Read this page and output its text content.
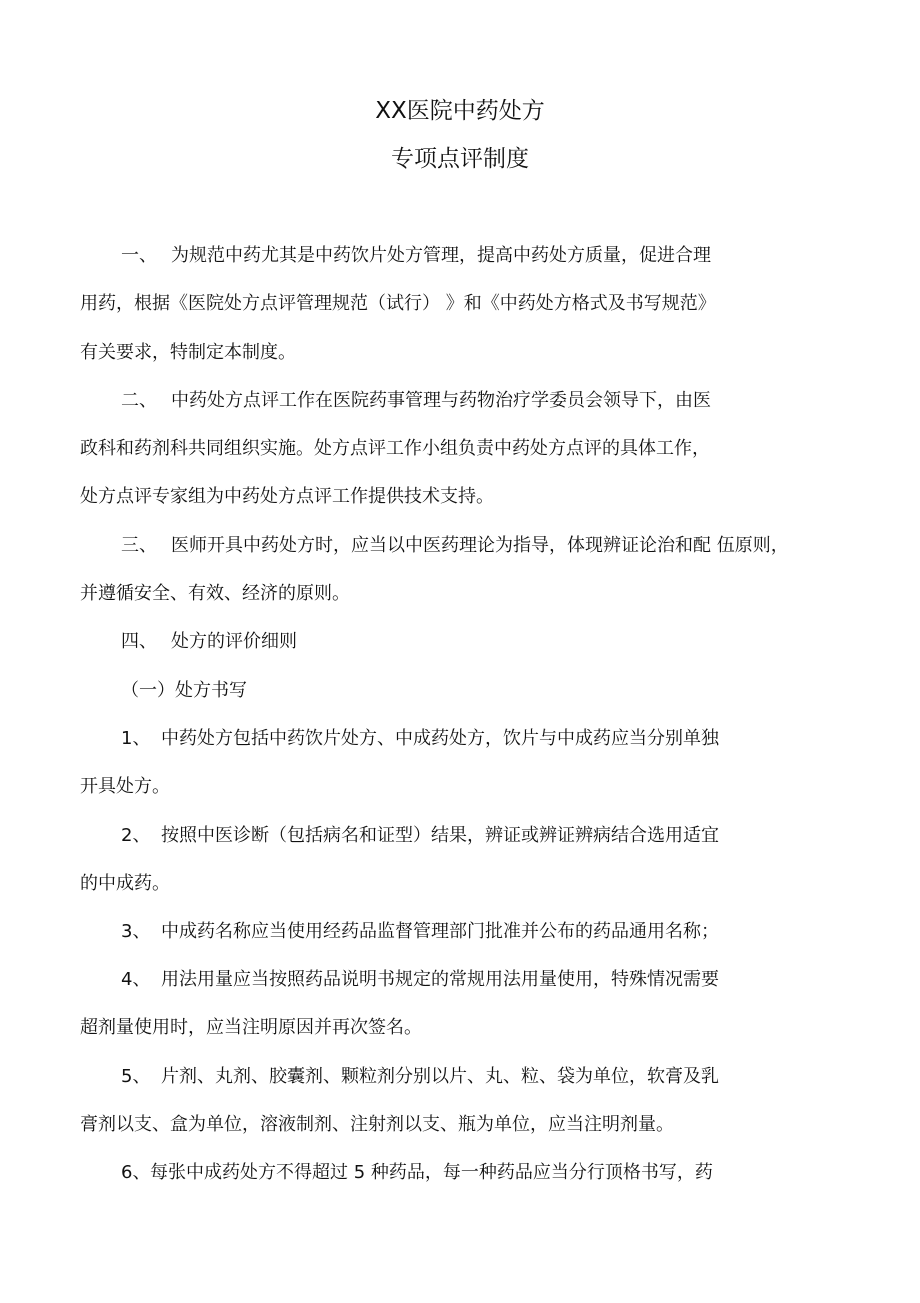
XX医院中药处方
专项点评制度
一、 为规范中药尤其是中药饮片处方管理，提高中药处方质量，促进合理
用药，根据《医院处方点评管理规范（试行） 》和《中药处方格式及书写规范》
有关要求，特制定本制度。
二、 中药处方点评工作在医院药事管理与药物治疗学委员会领导下，由医
政科和药剂科共同组织实施。处方点评工作小组负责中药处方点评的具体工作，
处方点评专家组为中药处方点评工作提供技术支持。
三、 医师开具中药处方时，应当以中医药理论为指导，体现辨证论治和配 伍原则，
并遵循安全、有效、经济的原则。
四、 处方的评价细则
（一）处方书写
1、 中药处方包括中药饮片处方、中成药处方，饮片与中成药应当分别单独
开具处方。
2、 按照中医诊断（包括病名和证型）结果，辨证或辨证辨病结合选用适宜
的中成药。
3、 中成药名称应当使用经药品监督管理部门批准并公布的药品通用名称；
4、 用法用量应当按照药品说明书规定的常规用法用量使用，特殊情况需要
超剂量使用时，应当注明原因并再次签名。
5、 片剂、丸剂、胶囊剂、颗粒剂分别以片、丸、粒、袋为单位，软膏及乳
膏剂以支、盒为单位，溶液制剂、注射剂以支、瓶为单位，应当注明剂量。
6、 每张中成药处方不得超过 5 种药品，每一种药品应当分行顶格书写，药
